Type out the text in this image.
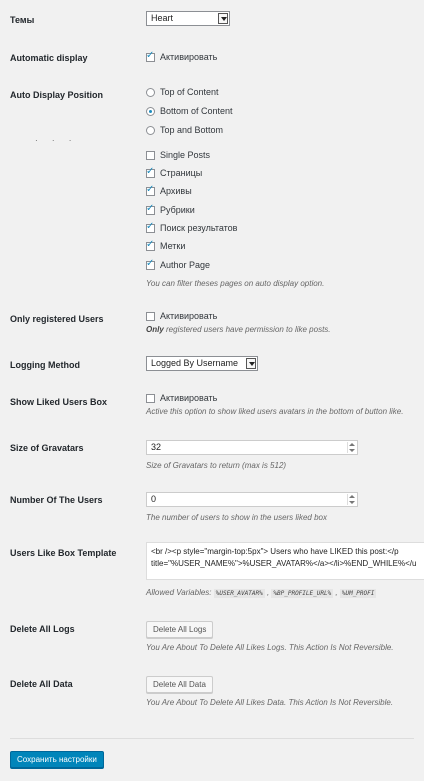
Темы	Heart
Automatic display
✓	Активировать
Auto Display Position	Top of Content
Bottom of Content
Top and Bottom
· · ·
Single Posts
✓
Страницы
✓
Архивы
✓
Рубрики
✓
Поиск результатов
✓
Метки
✓
Author Page
You can filter theses pages on auto display option.
Only registered Users	Активировать
Only registered users have permission to like posts.
Logging Method	Logged By Username
Show Liked Users Box	Активировать
Active this option to show liked users avatars in the bottom of button like.
Size of Gravatars	32
Size of Gravatars to return (max is 512)
Number Of The Users	0
The number of users to show in the users liked box
Users Like Box Template	<br /><p style="margin-top:5px"> Users who have LIKED this post:</p
title="%USER_NAME%">%USER_AVATAR%</a></li>%END_WHILE%</u
Allowed Variables: %USER_AVATAR% , %BP_PROFILE_URL% , %UM_PROFI
Delete All Logs	Delete All Logs
You Are About To Delete All Likes Logs. This Action Is Not Reversible.
Delete All Data	Delete All Data
You Are About To Delete All Likes Data. This Action Is Not Reversible.
Сохранить настройки
